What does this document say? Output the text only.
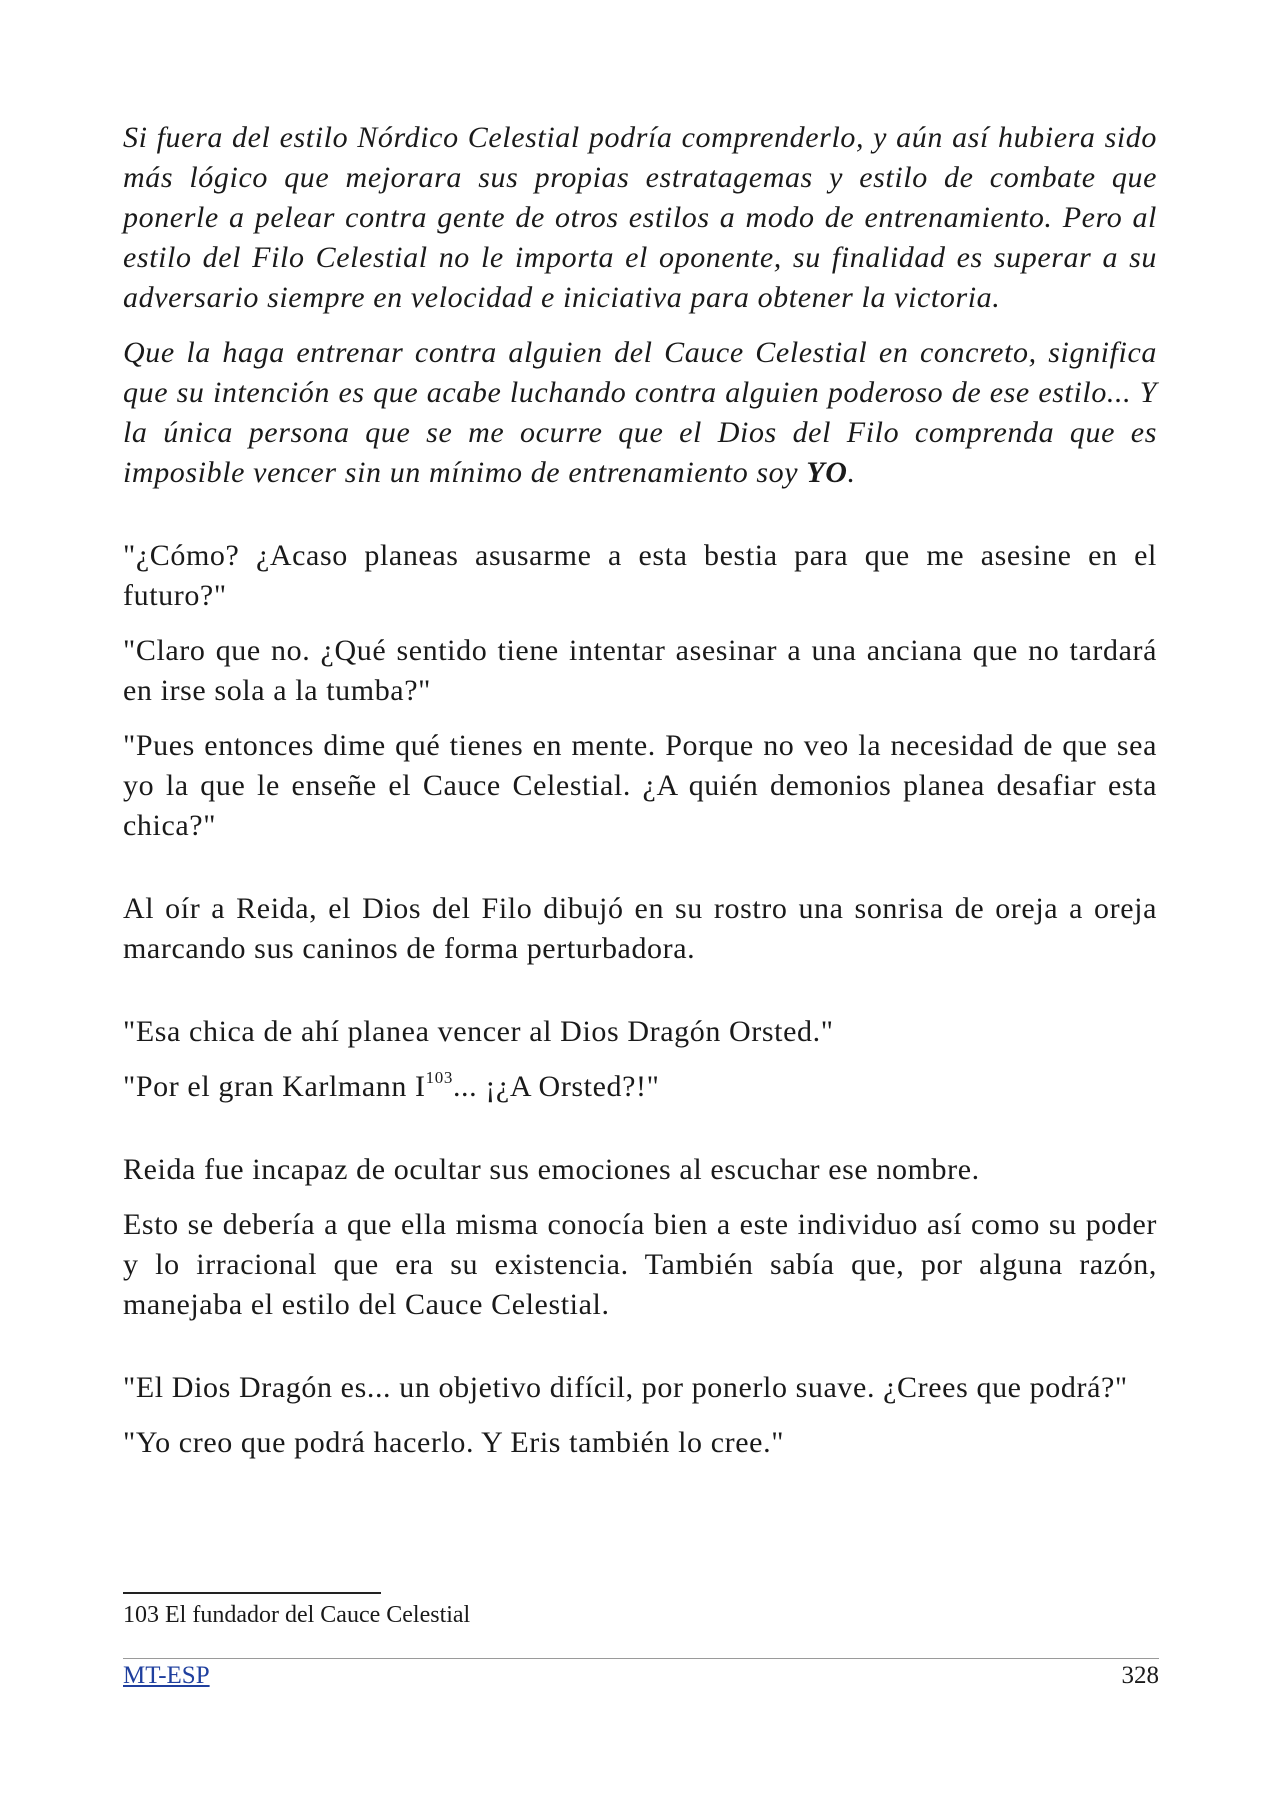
Si fuera del estilo Nórdico Celestial podría comprenderlo, y aún así hubiera sido más lógico que mejorara sus propias estratagemas y estilo de combate que ponerle a pelear contra gente de otros estilos a modo de entrenamiento. Pero al estilo del Filo Celestial no le importa el oponente, su finalidad es superar a su adversario siempre en velocidad e iniciativa para obtener la victoria.

Que la haga entrenar contra alguien del Cauce Celestial en concreto, significa que su intención es que acabe luchando contra alguien poderoso de ese estilo... Y la única persona que se me ocurre que el Dios del Filo comprenda que es imposible vencer sin un mínimo de entrenamiento soy YO.

"¿Cómo? ¿Acaso planeas asusarme a esta bestia para que me asesine en el futuro?"

"Claro que no. ¿Qué sentido tiene intentar asesinar a una anciana que no tardará en irse sola a la tumba?"

"Pues entonces dime qué tienes en mente. Porque no veo la necesidad de que sea yo la que le enseñe el Cauce Celestial. ¿A quién demonios planea desafiar esta chica?"

Al oír a Reida, el Dios del Filo dibujó en su rostro una sonrisa de oreja a oreja marcando sus caninos de forma perturbadora.

"Esa chica de ahí planea vencer al Dios Dragón Orsted."

"Por el gran Karlmann $I^{103}$... ¡¿A Orsted?!"

Reida fue incapaz de ocultar sus emociones al escuchar ese nombre.

Esto se debería a que ella misma conocía bien a este individuo así como su poder y lo irracional que era su existencia. También sabía que, por alguna razón, manejaba el estilo del Cauce Celestial.

"El Dios Dragón es... un objetivo difícil, por ponerlo suave. ¿Crees que podrá?"

"Yo creo que podrá hacerlo. Y Eris también lo cree."

103 El fundador del Cauce Celestial
MT-ESP	328
